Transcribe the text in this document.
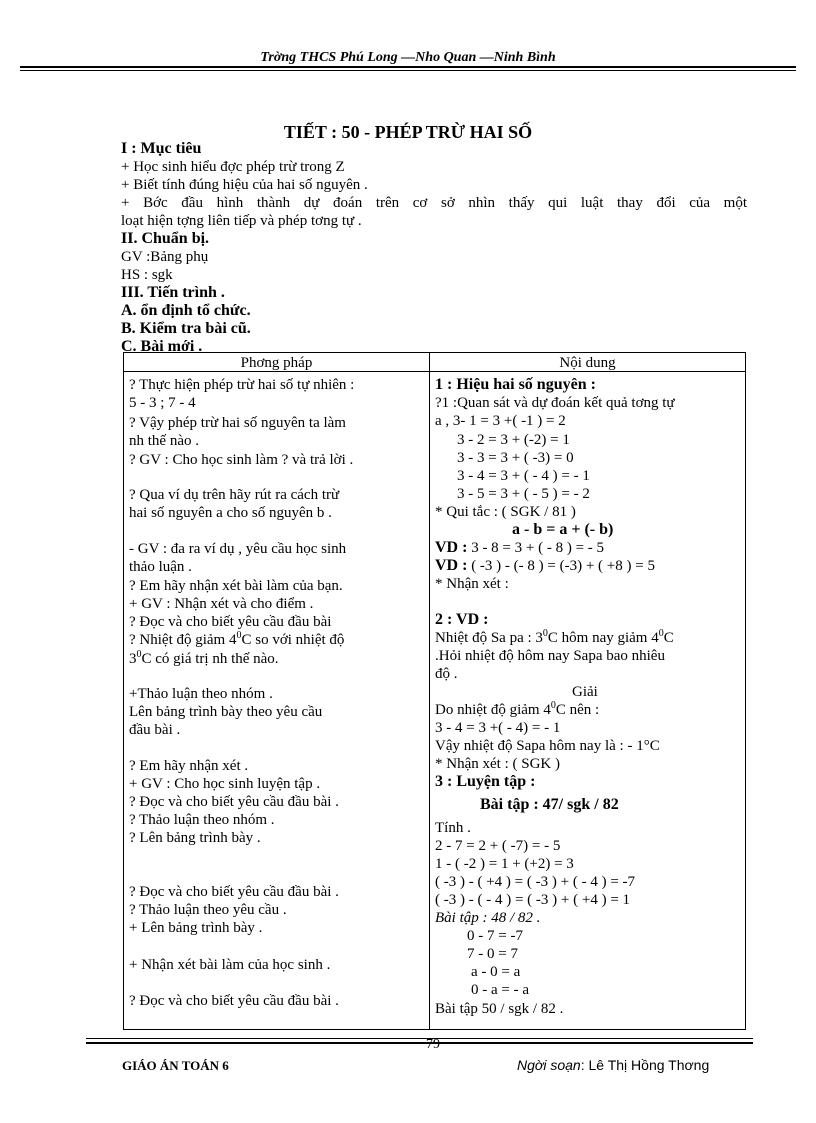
Trờng THCS Phú Long —Nho Quan —Ninh Bình
TIẾT : 50 - PHÉP TRỪ HAI SỐ
I : Mục tiêu
+ Học sinh hiểu đợc phép trừ trong Z
+ Biết tính đúng hiệu của hai số nguyên .
+ Bớc đầu hình thành dự đoán trên cơ sở nhìn thấy qui luật thay đổi của một
loạt hiện tợng liên tiếp và phép tơng tự .
II. Chuẩn bị.
GV :Bảng phụ
HS : sgk
III. Tiến trình .
A. ổn định tổ chức.
B. Kiểm tra bài cũ.
C. Bài mới .
Phơng pháp	Nội dung
? Thực hiện phép trừ hai số tự nhiên :
5 - 3 ; 7 - 4
? Vậy phép trừ hai số nguyên ta làm
nh thế nào .
? GV : Cho học sinh làm ? và trả lời .
? Qua ví dụ trên hãy rút ra cách trừ
hai số nguyên a cho số nguyên b .
- GV : đa ra ví dụ , yêu cầu học sinh
thảo luận .
? Em hãy nhận xét bài làm của bạn.
+ GV : Nhận xét và cho điểm .
? Đọc và cho biết yêu cầu đầu bài
? Nhiệt độ giảm $4^0C$ so với nhiệt độ
$3^0C$ có giá trị nh thế nào.
+Thảo luận theo nhóm .
Lên bảng trình bày theo yêu cầu
đầu bài .
? Em hãy nhận xét .
+ GV : Cho học sinh luyện tập .
? Đọc và cho biết yêu cầu đầu bài .
? Thảo luận theo nhóm .
? Lên bảng trình bày .
? Đọc và cho biết yêu cầu đầu bài .
? Thảo luận theo yêu cầu .
+ Lên bảng trình bày .
+ Nhận xét bài làm của học sinh .
? Đọc và cho biết yêu cầu đầu bài .
1 : Hiệu hai số nguyên :
?1 :Quan sát và dự đoán kết quả tơng tự
a , 3- 1 = 3 +( -1 ) = 2
3 - 2 = 3 + (-2) = 1
3 - 3 = 3 + ( -3) = 0
3 - 4 = 3 + ( - 4 ) = - 1
3 - 5 = 3 + ( - 5 ) = - 2
* Qui tắc : ( SGK / 81 )
a - b = a + (- b)
VD : 3 - 8 = 3 + ( - 8 ) = - 5
VD : ( -3 ) - (- 8 ) = (-3) + ( +8 ) = 5
* Nhận xét :
2 : VD :
Nhiệt độ Sa pa : $3^0C$ hôm nay giảm $4^0C$
.Hỏi nhiệt độ hôm nay Sapa bao nhiêu
độ .
Giải
Do nhiệt độ giảm $4^0C$ nên :
3 - 4 = 3 +( - 4) = - 1
Vậy nhiệt độ Sapa hôm nay là : - 1°C
* Nhận xét : ( SGK )
3 : Luyện tập :
Bài tập : 47/ sgk / 82
Tính .
2 - 7 = 2 + ( -7) = - 5
1 - ( -2 ) = 1 + (+2) = 3
( -3 ) - ( +4 ) = ( -3 ) + ( - 4 ) = -7
( -3 ) - ( - 4 ) = ( -3 ) + ( +4 ) = 1
Bài tập : 48 / 82 .
0 - 7 = -7
7 - 0 = 7
a - 0 = a
0 - a = - a
Bài tập 50 / sgk / 82 .
79
GIÁO ÁN TOÁN 6	Ngời soạn: Lê Thị Hồng Thơng
